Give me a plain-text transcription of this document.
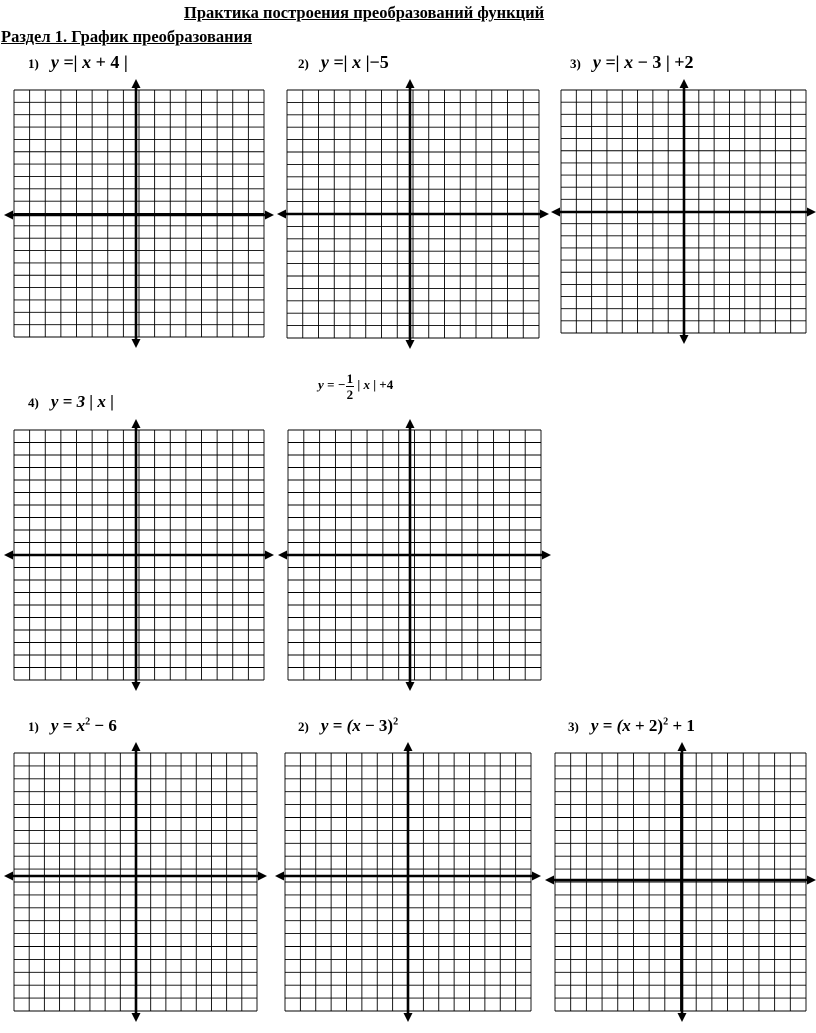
Практика построения преобразований функций
Раздел 1. График преобразования
1) y =| x + 4 |	2) y =| x |−5	3) y =| x − 3 | +2
4) y = 3 | x |
y = − $\frac{1}{2}$ | x | +4
1) $y = x^2 - 6$	2) $y = (x - 3)^2$	3) $y = (x + 2)^2 + 1$
